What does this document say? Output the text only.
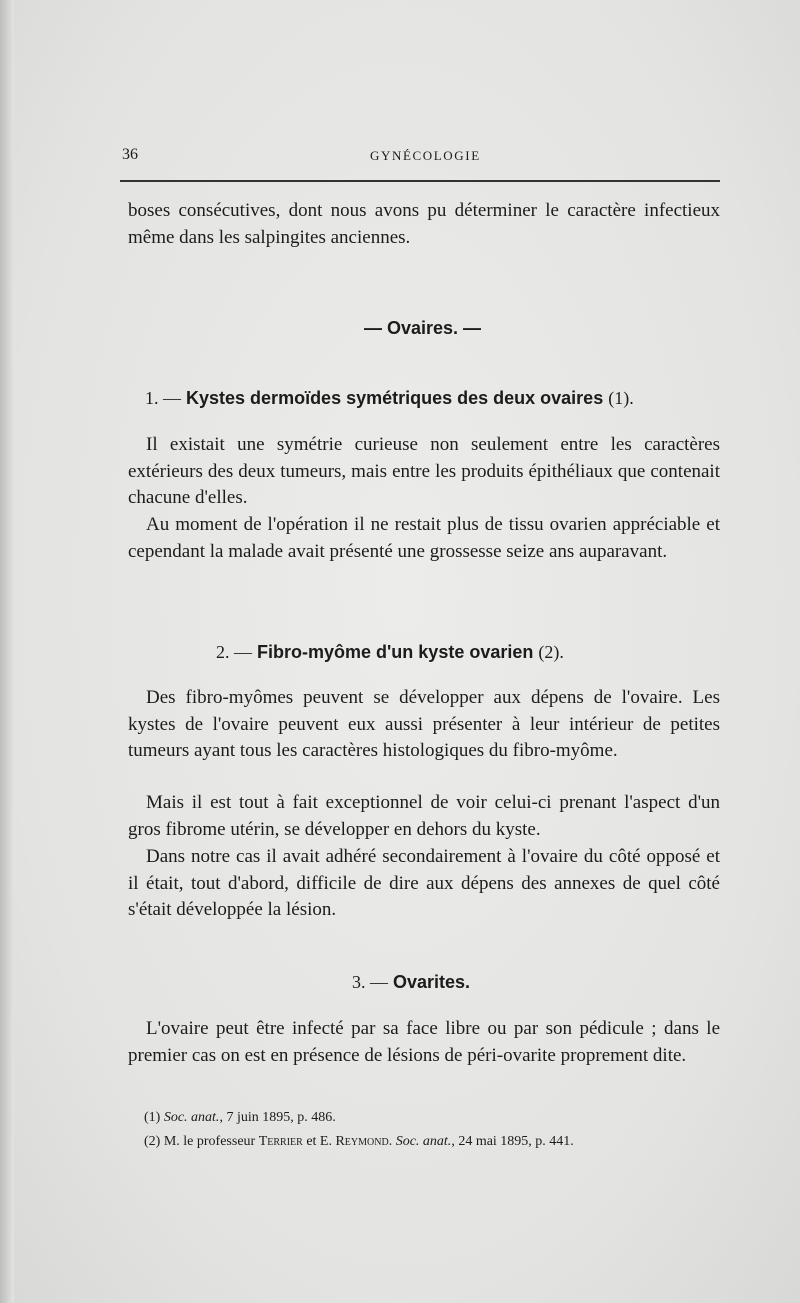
36	GYNÉCOLOGIE

boses consécutives, dont nous avons pu déterminer le caractère infectieux même dans les salpingites anciennes.

— Ovaires. —

1. — Kystes dermoïdes symétriques des deux ovaires (1).

Il existait une symétrie curieuse non seulement entre les caractères extérieurs des deux tumeurs, mais entre les produits épithéliaux que contenait chacune d'elles.

Au moment de l'opération il ne restait plus de tissu ovarien appréciable et cependant la malade avait présenté une grossesse seize ans auparavant.

2. — Fibro-myôme d'un kyste ovarien (2).

Des fibro-myômes peuvent se développer aux dépens de l'ovaire. Les kystes de l'ovaire peuvent eux aussi présenter à leur intérieur de petites tumeurs ayant tous les caractères histologiques du fibro-myôme.

Mais il est tout à fait exceptionnel de voir celui-ci prenant l'aspect d'un gros fibrome utérin, se développer en dehors du kyste.

Dans notre cas il avait adhéré secondairement à l'ovaire du côté opposé et il était, tout d'abord, difficile de dire aux dépens des annexes de quel côté s'était développée la lésion.

3. — Ovarites.

L'ovaire peut être infecté par sa face libre ou par son pédicule ; dans le premier cas on est en présence de lésions de péri-ovarite proprement dite.

(1) Soc. anat., 7 juin 1895, p. 486.
(2) M. le professeur Terrier et E. Reymond. Soc. anat., 24 mai 1895, p. 441.
